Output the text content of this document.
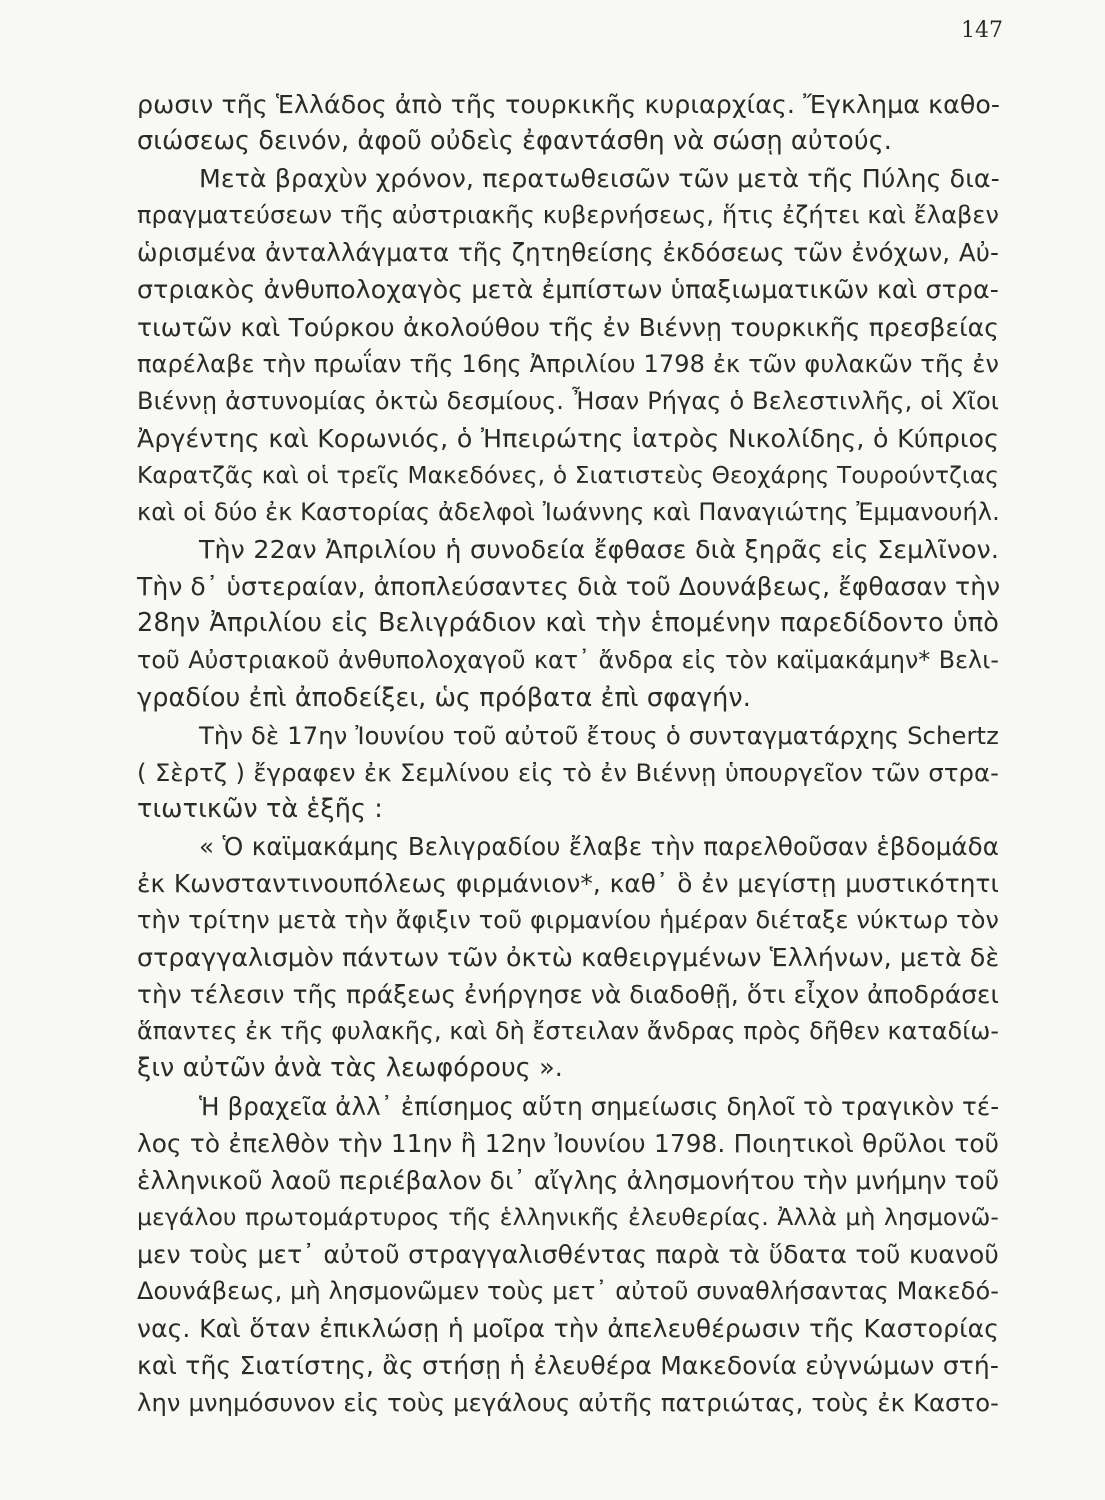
147
ρωσιν τῆς Ἑλλάδος ἀπὸ τῆς τουρκικῆς κυριαρχίας. Ἔγκλημα καθο-
σιώσεως δεινόν, ἀφοῦ οὐδεὶς ἐφαντάσθη νὰ σώσῃ αὐτούς.
Μετὰ βραχὺν χρόνον, περατωθεισῶν τῶν μετὰ τῆς Πύλης δια-
πραγματεύσεων τῆς αὐστριακῆς κυβερνήσεως, ἥτις ἐζήτει καὶ ἔλαβεν
ὡρισμένα ἀνταλλάγματα τῆς ζητηθείσης ἐκδόσεως τῶν ἐνόχων, Αὐ-
στριακὸς ἀνθυπολοχαγὸς μετὰ ἐμπίστων ὑπαξιωματικῶν καὶ στρα-
τιωτῶν καὶ Τούρκου ἀκολούθου τῆς ἐν Βιέννῃ τουρκικῆς πρεσβείας
παρέλαβε τὴν πρωΐαν τῆς 16ης Ἀπριλίου 1798 ἐκ τῶν φυλακῶν τῆς ἐν
Βιέννῃ ἀστυνομίας ὀκτὼ δεσμίους. Ἦσαν Ρήγας ὁ Βελεστινλῆς, οἱ Χῖοι
Ἀργέντης καὶ Κορωνιός, ὁ Ἠπειρώτης ἰατρὸς Νικολίδης, ὁ Κύπριος
Καρατζᾶς καὶ οἱ τρεῖς Μακεδόνες, ὁ Σιατιστεὺς Θεοχάρης Τουρούντζιας
καὶ οἱ δύο ἐκ Καστορίας ἀδελφοὶ Ἰωάννης καὶ Παναγιώτης Ἐμμανουήλ.
Τὴν 22αν Ἀπριλίου ἡ συνοδεία ἔφθασε διὰ ξηρᾶς εἰς Σεμλῖνον.
Τὴν δ᾽ ὑστεραίαν, ἀποπλεύσαντες διὰ τοῦ Δουνάβεως, ἔφθασαν τὴν
28ην Ἀπριλίου εἰς Βελιγράδιον καὶ τὴν ἑπομένην παρεδίδοντο ὑπὸ
τοῦ Αὐστριακοῦ ἀνθυπολοχαγοῦ κατ᾽ ἄνδρα εἰς τὸν καϊμακάμην* Βελι-
γραδίου ἐπὶ ἀποδείξει, ὡς πρόβατα ἐπὶ σφαγήν.
Τὴν δὲ 17ην Ἰουνίου τοῦ αὐτοῦ ἔτους ὁ συνταγματάρχης Schertz
( Σὲρτζ ) ἔγραφεν ἐκ Σεμλίνου εἰς τὸ ἐν Βιέννῃ ὑπουργεῖον τῶν στρα-
τιωτικῶν τὰ ἑξῆς :
« Ὁ καϊμακάμης Βελιγραδίου ἔλαβε τὴν παρελθοῦσαν ἑβδομάδα
ἐκ Κωνσταντινουπόλεως φιρμάνιον*, καθ᾽ ὃ ἐν μεγίστῃ μυστικότητι
τὴν τρίτην μετὰ τὴν ἄφιξιν τοῦ φιρμανίου ἡμέραν διέταξε νύκτωρ τὸν
στραγγαλισμὸν πάντων τῶν ὀκτὼ καθειργμένων Ἑλλήνων, μετὰ δὲ
τὴν τέλεσιν τῆς πράξεως ἐνήργησε νὰ διαδοθῇ, ὅτι εἶχον ἀποδράσει
ἅπαντες ἐκ τῆς φυλακῆς, καὶ δὴ ἔστειλαν ἄνδρας πρὸς δῆθεν καταδίω-
ξιν αὐτῶν ἀνὰ τὰς λεωφόρους ».
Ἡ βραχεῖα ἀλλ᾽ ἐπίσημος αὕτη σημείωσις δηλοῖ τὸ τραγικὸν τέ-
λος τὸ ἐπελθὸν τὴν 11ην ἢ 12ην Ἰουνίου 1798. Ποιητικοὶ θρῦλοι τοῦ
ἑλληνικοῦ λαοῦ περιέβαλον δι᾽ αἴγλης ἀλησμονήτου τὴν μνήμην τοῦ
μεγάλου πρωτομάρτυρος τῆς ἑλληνικῆς ἐλευθερίας. Ἀλλὰ μὴ λησμονῶ-
μεν τοὺς μετ᾽ αὐτοῦ στραγγαλισθέντας παρὰ τὰ ὕδατα τοῦ κυανοῦ
Δουνάβεως, μὴ λησμονῶμεν τοὺς μετ᾽ αὐτοῦ συναθλήσαντας Μακεδό-
νας. Καὶ ὅταν ἐπικλώσῃ ἡ μοῖρα τὴν ἀπελευθέρωσιν τῆς Καστορίας
καὶ τῆς Σιατίστης, ἂς στήσῃ ἡ ἐλευθέρα Μακεδονία εὐγνώμων στή-
λην μνημόσυνον εἰς τοὺς μεγάλους αὐτῆς πατριώτας, τοὺς ἐκ Καστο-
